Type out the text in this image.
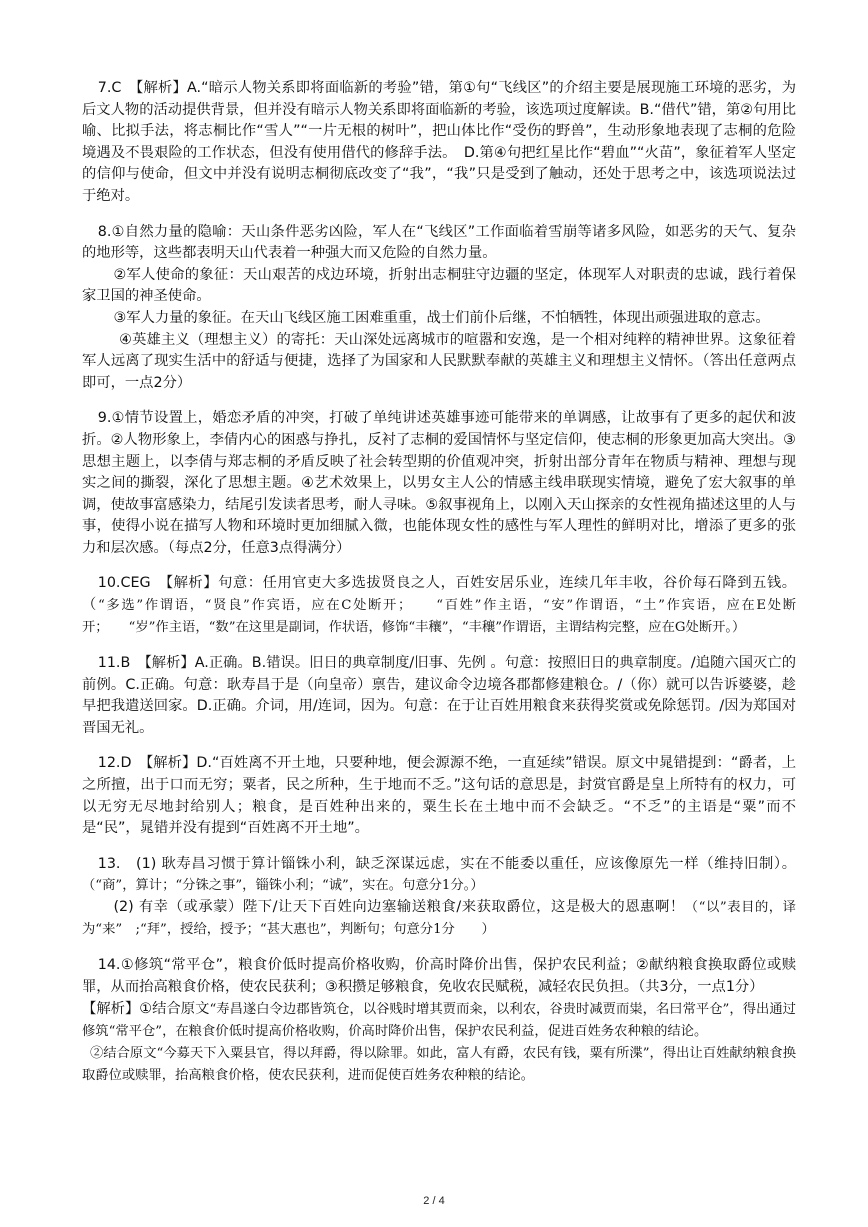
7.C　【解析】A.“暗示人物关系即将面临新的考验”错，第①句“飞线区”的介绍主要是展现施工环境的恶劣，为后文人物的活动提供背景，但并没有暗示人物关系即将面临新的考验，该选项过度解读。B.“借代”错，第②句用比喻、比拟手法，将志桐比作“雪人”“一片无根的树叶”，把山体比作“受伤的野兽”，生动形象地表现了志桐的危险境遇及不畏艰险的工作状态，但没有使用借代的修辞手法。　D.第④句把红星比作“碧血”“火苗”，象征着军人坚定的信仰与使命，但文中并没有说明志桐彻底改变了“我”，“我”只是受到了触动，还处于思考之中，该选项说法过于绝对。

8.①自然力量的隐喻：天山条件恶劣凶险，军人在“飞线区”工作面临着雪崩等诸多风险，如恶劣的天气、复杂的地形等，这些都表明天山代表着一种强大而又危险的自然力量。

②军人使命的象征：天山艰苦的戍边环境，折射出志桐驻守边疆的坚定，体现军人对职责的忠诚，践行着保家卫国的神圣使命。

③军人力量的象征。在天山飞线区施工困难重重，战士们前仆后继，不怕牺牲，体现出顽强进取的意志。

④英雄主义（理想主义）的寄托：天山深处远离城市的喧嚣和安逸，是一个相对纯粹的精神世界。这象征着军人远离了现实生活中的舒适与便捷，选择了为国家和人民默默奉献的英雄主义和理想主义情怀。（答出任意两点即可，一点2分）

9.①情节设置上，婚恋矛盾的冲突，打破了单纯讲述英雄事迹可能带来的单调感，让故事有了更多的起伏和波折。②人物形象上，李倩内心的困惑与挣扎，反衬了志桐的爱国情怀与坚定信仰，使志桐的形象更加高大突出。③思想主题上，以李倩与郑志桐的矛盾反映了社会转型期的价值观冲突，折射出部分青年在物质与精神、理想与现实之间的撕裂，深化了思想主题。④艺术效果上，以男女主人公的情感主线串联现实情境，避免了宏大叙事的单调，使故事富感染力，结尾引发读者思考，耐人寻味。⑤叙事视角上，以刚入天山探亲的女性视角描述这里的人与事，使得小说在描写人物和环境时更加细腻入微，也能体现女性的感性与军人理性的鲜明对比，增添了更多的张力和层次感。（每点2分，任意3点得满分）

10.CEG　【解析】句意：任用官吏大多选拔贤良之人，百姓安居乐业，连续几年丰收，谷价每石降到五钱。（“多选”作谓语，“贤良”作宾语，应在C处断开；　　“百姓”作主语，“安”作谓语，“土”作宾语，应在E处断开；　　“岁”作主语，“数”在这里是副词，作状语，修饰“丰穰”，“丰穰”作谓语，主谓结构完整，应在G处断开。）

11.B　【解析】A.正确。B.错误。旧日的典章制度/旧事、先例 。句意：按照旧日的典章制度。/追随六国灭亡的前例。C.正确。句意：耿寿昌于是（向皇帝）禀告，建议命令边境各郡都修建粮仓。/（你）就可以告诉婆婆，趁早把我遣送回家。D.正确。介词，用/连词，因为。句意：在于让百姓用粮食来获得奖赏或免除惩罚。/因为郑国对晋国无礼。

12.D　【解析】D.“百姓离不开土地，只要种地，便会源源不绝，一直延续”错误。原文中晁错提到：“爵者，上之所擅，出于口而无穷；粟者，民之所种，生于地而不乏。”这句话的意思是，封赏官爵是皇上所特有的权力，可以无穷无尽地封给别人；粮食，是百姓种出来的，粟生长在土地中而不会缺乏。“不乏”的主语是“粟”而不是“民”，晁错并没有提到“百姓离不开土地”。

13.　(1) 耿寿昌习惯于算计锱铢小利，缺乏深谋远虑，实在不能委以重任，应该像原先一样（维持旧制）。（“商”，算计；“分铢之事”，锱铢小利；“诚”，实在。句意分1分。）

(2) 有幸（或承蒙）陛下/让天下百姓向边塞输送粮食/来获取爵位，这是极大的恩惠啊！（“以”表目的，译为“来”　;“拜”，授给，授予；“甚大惠也”，判断句；句意分1分　　）

14.①修筑“常平仓”，粮食价低时提高价格收购，价高时降价出售，保护农民利益；②献纳粮食换取爵位或赎罪，从而抬高粮食价格，使农民获利；③积攒足够粮食，免收农民赋税，减轻农民负担。（共3分，一点1分）

【解析】①结合原文“寿昌遂白令边郡皆筑仓，以谷贱时增其贾而籴，以利农，谷贵时减贾而粜，名曰常平仓”，得出通过修筑“常平仓”，在粮食价低时提高价格收购，价高时降价出售，保护农民利益，促进百姓务农种粮的结论。

②结合原文“今募天下入粟县官，得以拜爵，得以除罪。如此，富人有爵，农民有钱，粟有所渫”，得出让百姓献纳粮食换取爵位或赎罪，抬高粮食价格，使农民获利，进而促使百姓务农种粮的结论。

2 / 4
